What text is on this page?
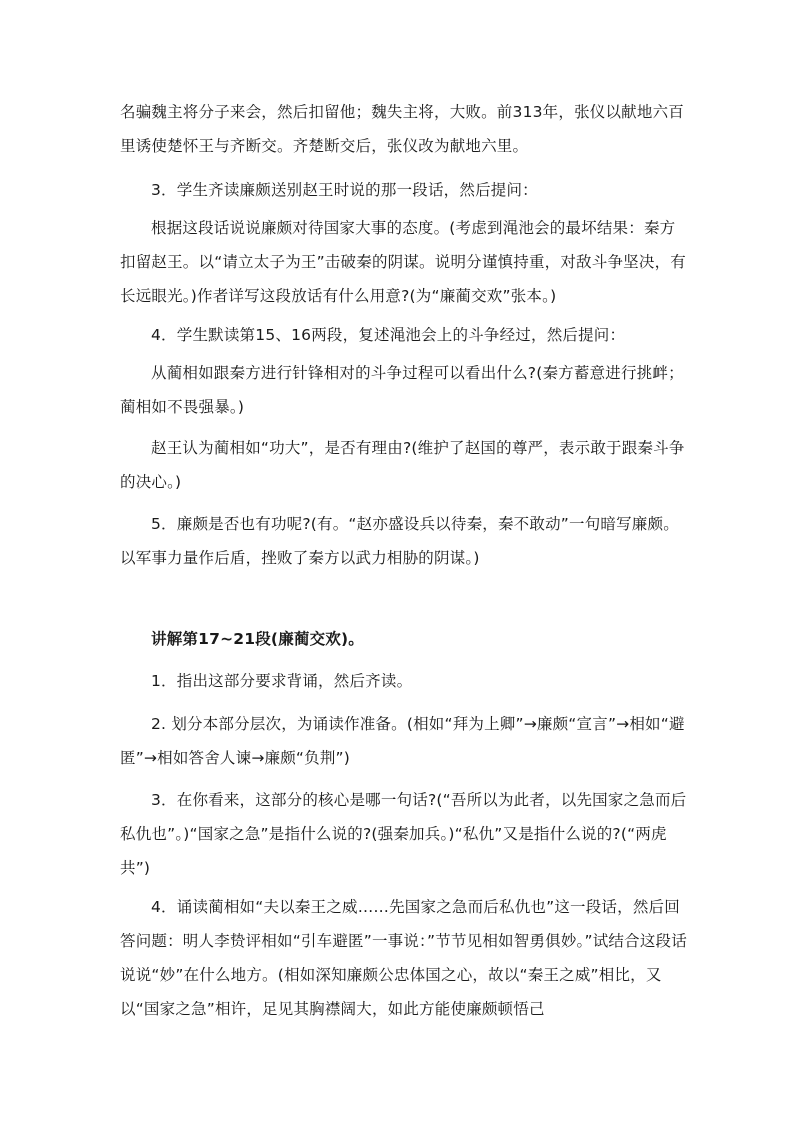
名骗魏主将分子来会，然后扣留他；魏失主将，大败。前313年，张仪以献地六百里诱使楚怀王与齐断交。齐楚断交后，张仪改为献地六里。

3．学生齐读廉颇送别赵王时说的那一段话，然后提问：

根据这段话说说廉颇对待国家大事的态度。(考虑到渑池会的最坏结果：秦方扣留赵王。以“请立太子为王”击破秦的阴谋。说明分谨慎持重，对敌斗争坚决，有长远眼光。)作者详写这段放话有什么用意?(为“廉蔺交欢”张本。)

4．学生默读第15、16两段，复述渑池会上的斗争经过，然后提问：

从蔺相如跟秦方进行针锋相对的斗争过程可以看出什么?(秦方蓄意进行挑衅；蔺相如不畏强暴。)

赵王认为蔺相如“功大”，是否有理由?(维护了赵国的尊严，表示敢于跟秦斗争的决心。)

5．廉颇是否也有功呢?(有。“赵亦盛设兵以待秦，秦不敢动”一句暗写廉颇。以军事力量作后盾，挫败了秦方以武力相胁的阴谋。)

讲解第17~21段(廉蔺交欢)。

1．指出这部分要求背诵，然后齐读。

2. 划分本部分层次，为诵读作准备。(相如“拜为上卿”→廉颇“宣言”→相如“避匿”→相如答舍人谏→廉颇“负荆”)

3．在你看来，这部分的核心是哪一句话?(“吾所以为此者，以先国家之急而后私仇也”。)“国家之急”是指什么说的?(强秦加兵。)“私仇”又是指什么说的?(“两虎共”)

4．诵读蔺相如“夫以秦王之威……先国家之急而后私仇也”这一段话，然后回答问题：明人李贽评相如“引车避匿”一事说：”节节见相如智勇俱妙。”试结合这段话说说“妙”在什么地方。(相如深知廉颇公忠体国之心，故以“秦王之威”相比，又以“国家之急”相许，足见其胸襟阔大，如此方能使廉颇顿悟己
